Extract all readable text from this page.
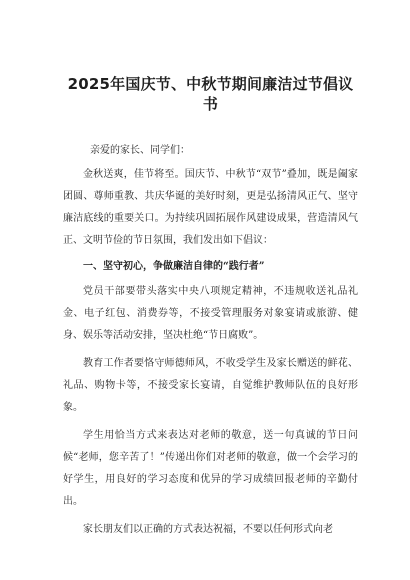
2025年国庆节、中秋节期间廉洁过节倡议书

亲爱的家长、同学们：

金秋送爽，佳节将至。国庆节、中秋节“双节”叠加，既是阖家团圆、尊师重教、共庆华诞的美好时刻，更是弘扬清风正气、坚守廉洁底线的重要关口。为持续巩固拓展作风建设成果，营造清风气正、文明节俭的节日氛围，我们发出如下倡议：

一、坚守初心，争做廉洁自律的“践行者”

党员干部要带头落实中央八项规定精神，不违规收送礼品礼金、电子红包、消费券等，不接受管理服务对象宴请或旅游、健身、娱乐等活动安排，坚决杜绝“节日腐败”。

教育工作者要恪守师德师风，不收受学生及家长赠送的鲜花、礼品、购物卡等，不接受家长宴请，自觉维护教师队伍的良好形象。

学生用恰当方式来表达对老师的敬意，送一句真诚的节日问候“老师，您辛苦了！”传递出你们对老师的敬意，做一个会学习的好学生，用良好的学习态度和优异的学习成绩回报老师的辛勤付出。

家长朋友们以正确的方式表达祝福，不要以任何形式向老
